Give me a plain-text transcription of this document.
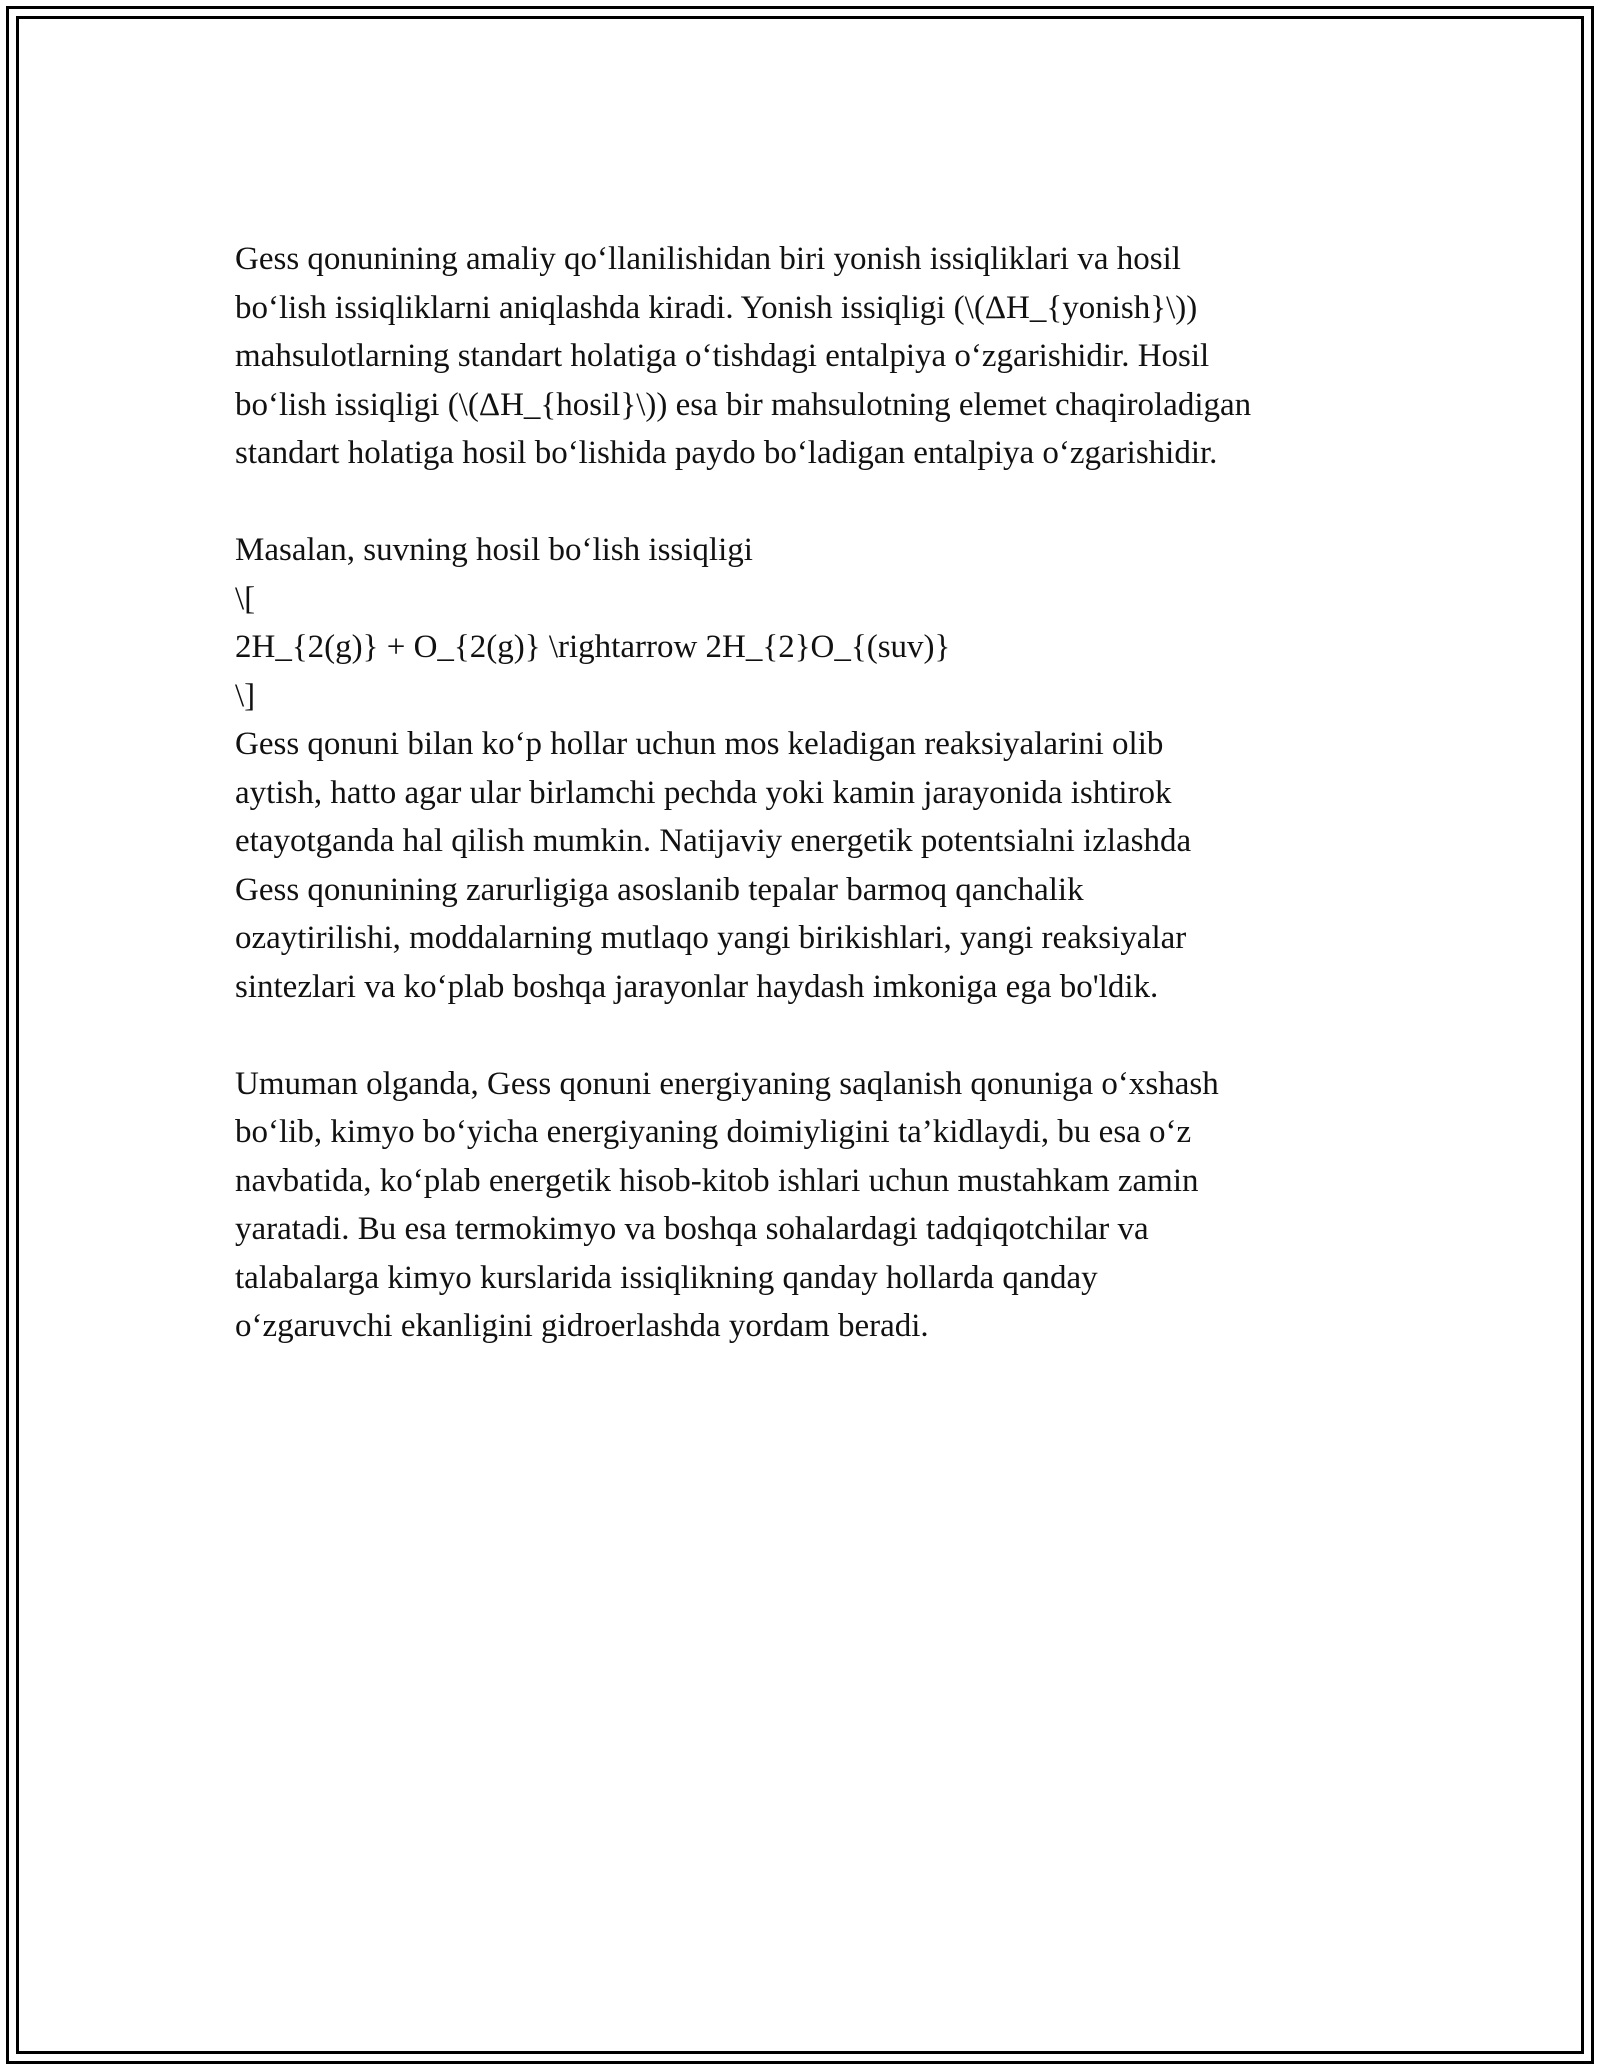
Gess qonunining amaliy qo‘llanilishidan biri yonish issiqliklari va hosil
bo‘lish issiqliklarni aniqlashda kiradi. Yonish issiqligi (\(ΔH_{yonish}\))
mahsulotlarning standart holatiga o‘tishdagi entalpiya o‘zgarishidir. Hosil
bo‘lish issiqligi (\(ΔH_{hosil}\)) esa bir mahsulotning elemet chaqiroladigan
standart holatiga hosil bo‘lishida paydo bo‘ladigan entalpiya o‘zgarishidir.

Masalan, suvning hosil bo‘lish issiqligi
\[
2H_{2(g)} + O_{2(g)} \rightarrow 2H_{2}O_{(suv)}
\]
Gess qonuni bilan ko‘p hollar uchun mos keladigan reaksiyalarini olib
aytish, hatto agar ular birlamchi pechda yoki kamin jarayonida ishtirok
etayotganda hal qilish mumkin. Natijaviy energetik potentsialni izlashda
Gess qonunining zarurligiga asoslanib tepalar barmoq qanchalik
ozaytirilishi, moddalarning mutlaqo yangi birikishlari, yangi reaksiyalar
sintezlari va ko‘plab boshqa jarayonlar haydash imkoniga ega bo'ldik.

Umuman olganda, Gess qonuni energiyaning saqlanish qonuniga o‘xshash
bo‘lib, kimyo bo‘yicha energiyaning doimiyligini ta’kidlaydi, bu esa o‘z
navbatida, ko‘plab energetik hisob-kitob ishlari uchun mustahkam zamin
yaratadi. Bu esa termokimyo va boshqa sohalardagi tadqiqotchilar va
talabalarga kimyo kurslarida issiqlikning qanday hollarda qanday
o‘zgaruvchi ekanligini gidroerlashda yordam beradi.
